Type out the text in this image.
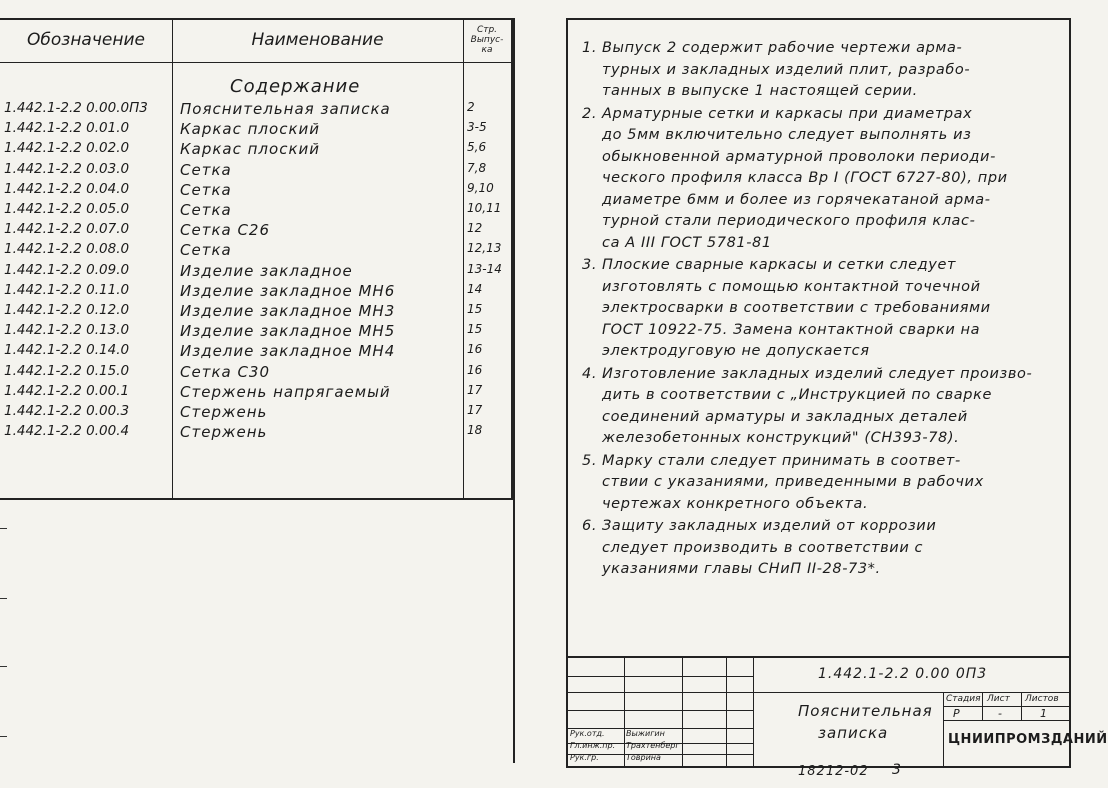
Обозначение	Наименование	Стр. Выпус- ка
Содержание
1.442.1-2.2 0.00.0П3	Пояснительная записка	2
1.442.1-2.2 0.01.0	Каркас плоский	3-5
1.442.1-2.2 0.02.0	Каркас плоский	5,6
1.442.1-2.2 0.03.0	Сетка	7,8
1.442.1-2.2 0.04.0	Сетка	9,10
1.442.1-2.2 0.05.0	Сетка	10,11
1.442.1-2.2 0.07.0	Сетка С26	12
1.442.1-2.2 0.08.0	Сетка	12,13
1.442.1-2.2 0.09.0	Изделие закладное	13-14
1.442.1-2.2 0.11.0	Изделие закладное МН6	14
1.442.1-2.2 0.12.0	Изделие закладное МН3	15
1.442.1-2.2 0.13.0	Изделие закладное МН5	15
1.442.1-2.2 0.14.0	Изделие закладное МН4	16
1.442.1-2.2 0.15.0	Сетка С30	16
1.442.1-2.2 0.00.1	Стержень напрягаемый	17
1.442.1-2.2 0.00.3	Стержень	17
1.442.1-2.2 0.00.4	Стержень	18
1. Выпуск 2 содержит рабочие чертежи арма-
турных и закладных изделий плит, разрабо-
танных в выпуске 1 настоящей серии.
2. Арматурные сетки и каркасы при диаметрах
до 5мм включительно следует выполнять из
обыкновенной арматурной проволоки периоди-
ческого профиля класса Вр I (ГОСТ 6727-80), при
диаметре 6мм и более из горячекатаной арма-
турной стали периодического профиля клас-
са А III ГОСТ 5781-81
3. Плоские сварные каркасы и сетки следует
изготовлять с помощью контактной точечной
электросварки в соответствии с требованиями
ГОСТ 10922-75. Замена контактной сварки на
электродуговую не допускается
4. Изготовление закладных изделий следует произво-
дить в соответствии с „Инструкцией по сварке
соединений арматуры и закладных деталей
железобетонных конструкций" (СН393-78).
5. Марку стали следует принимать в соответ-
ствии с указаниями, приведенными в рабочих
чертежах конкретного объекта.
6. Защиту закладных изделий от коррозии
следует производить в соответствии с
указаниями главы СНиП II-28-73*.
Рук.отд.	Выжигин
Гл.инж.пр. Трахтенберг
Рук.гр.	Товрина
1.442.1-2.2 0.00 0П3
Пояснительная
записка
Стадия Лист Листов
Р	-	1
ЦНИИПРОМЗДАНИЙ
18212-02 3
